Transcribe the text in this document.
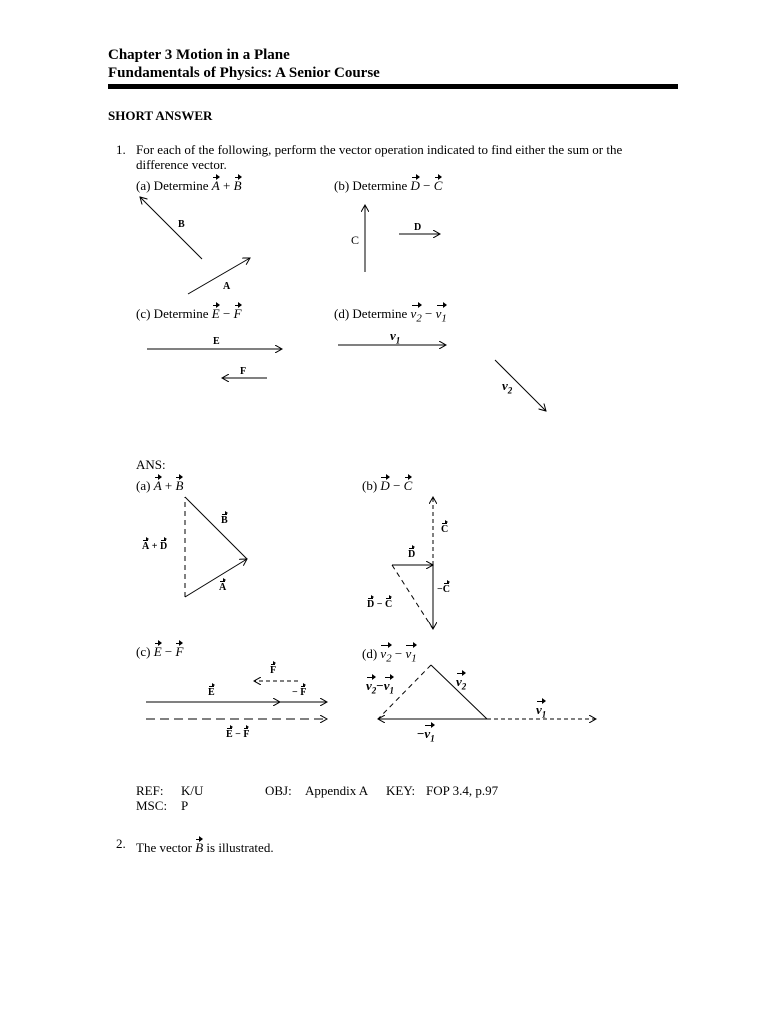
Chapter 3 Motion in a Plane
Fundamentals of Physics: A Senior Course
SHORT ANSWER
1. For each of the following, perform the vector operation indicated to find either the sum or the
difference vector.
(a) Determine A + B	(b) Determine D − C
(c) Determine E − F	(d) Determine $v_2 - v_1$
B
A
C
D
E
F
$v_1$
$v_2$
ANS:
(a) A + B	(b) D − C
(c) E − F	(d) $v_2 - v_1$
B
A
A + D
C
D
−C
D − C
F
E	− F
E − F
$v_2-v_1$
$v_2$
$v_1$
$-v_1$
REF: K/U	OBJ: Appendix A KEY: FOP 3.4, p.97
MSC: P
2. The vector B is illustrated.
